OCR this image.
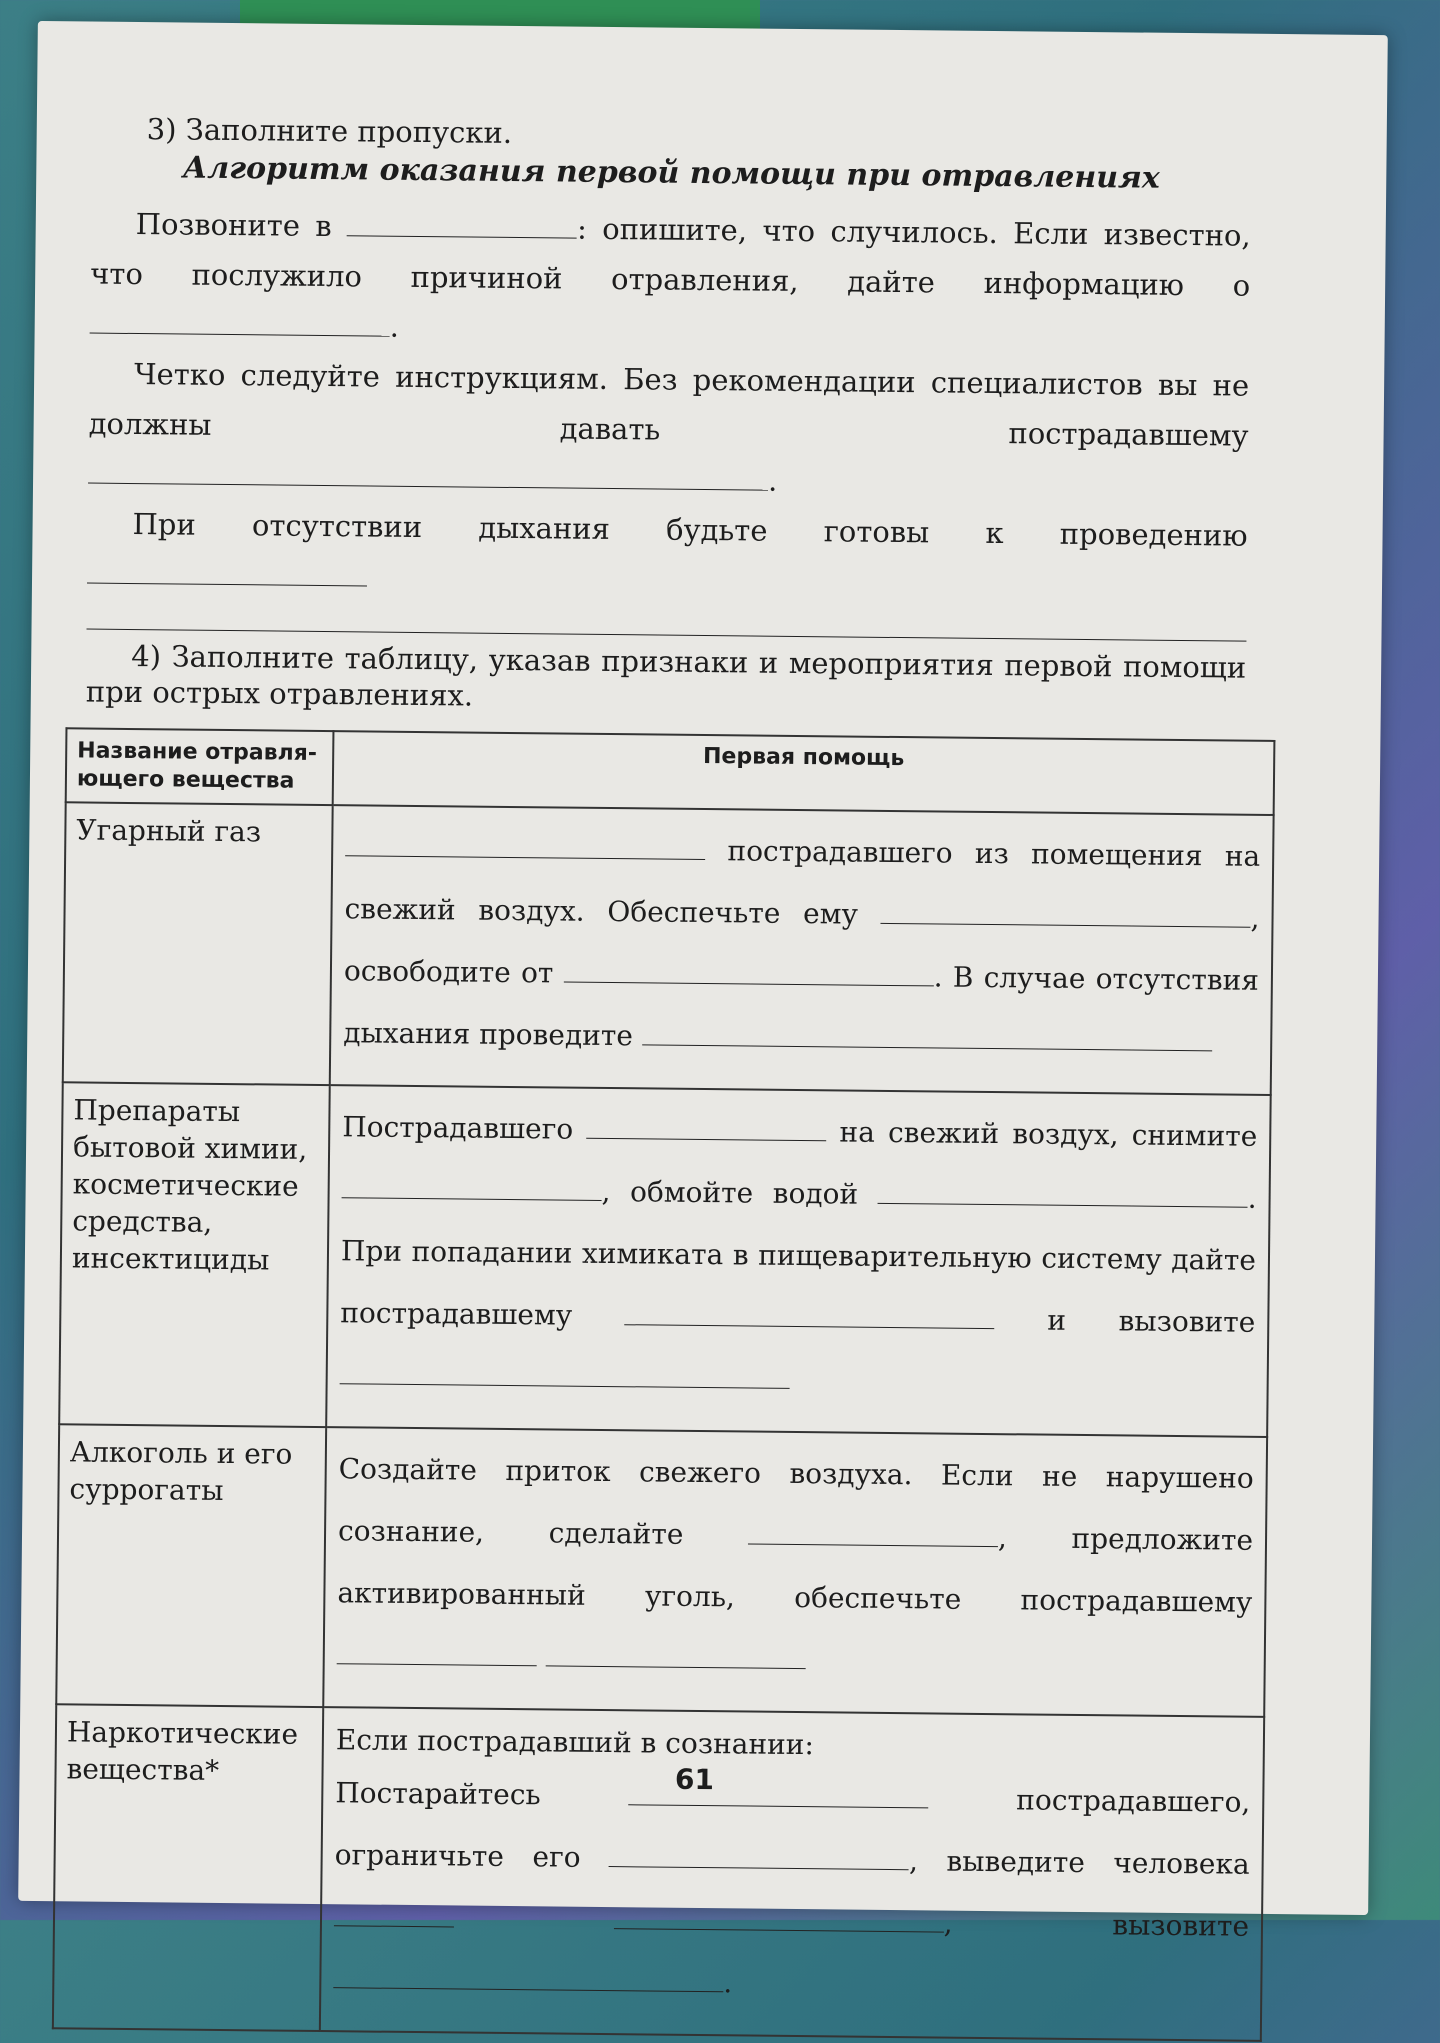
3) Заполните пропуски.
Алгоритм оказания первой помощи при отравлениях

Позвоните в	: опишите, что случилось. Если известно, что послужило причиной отравления, дайте информацию о .

Четко следуйте инструкциям. Без рекомендации специалистов вы не должны давать пострадавшему .

При отсутствии дыхания будьте готовы к проведению

4) Заполните таблицу, указав признаки и мероприятия первой помощи при острых отравлениях.

Название отравля-ющего вещества	Первая помощь
Угарный газ	пострадавшего из помещения на свежий воздух. Обеспечьте ему , освободите от . В случае отсутствия дыхания проведите
Препараты бытовой химии, косметические средства, инсектициды	Пострадавшего на свежий воздух, снимите , обмойте водой . При попадании химиката в пищеварительную систему дайте пострадавшему и вызовите
Алкоголь и его суррогаты	Создайте приток свежего воздуха. Если не нарушено сознание, сделайте , предложите активированный уголь, обеспечьте пострадавшему
Наркотические вещества*	Если пострадавший в сознании:
Постарайтесь пострадавшего, ограничьте его , выведите человека  , вызовите .
61
